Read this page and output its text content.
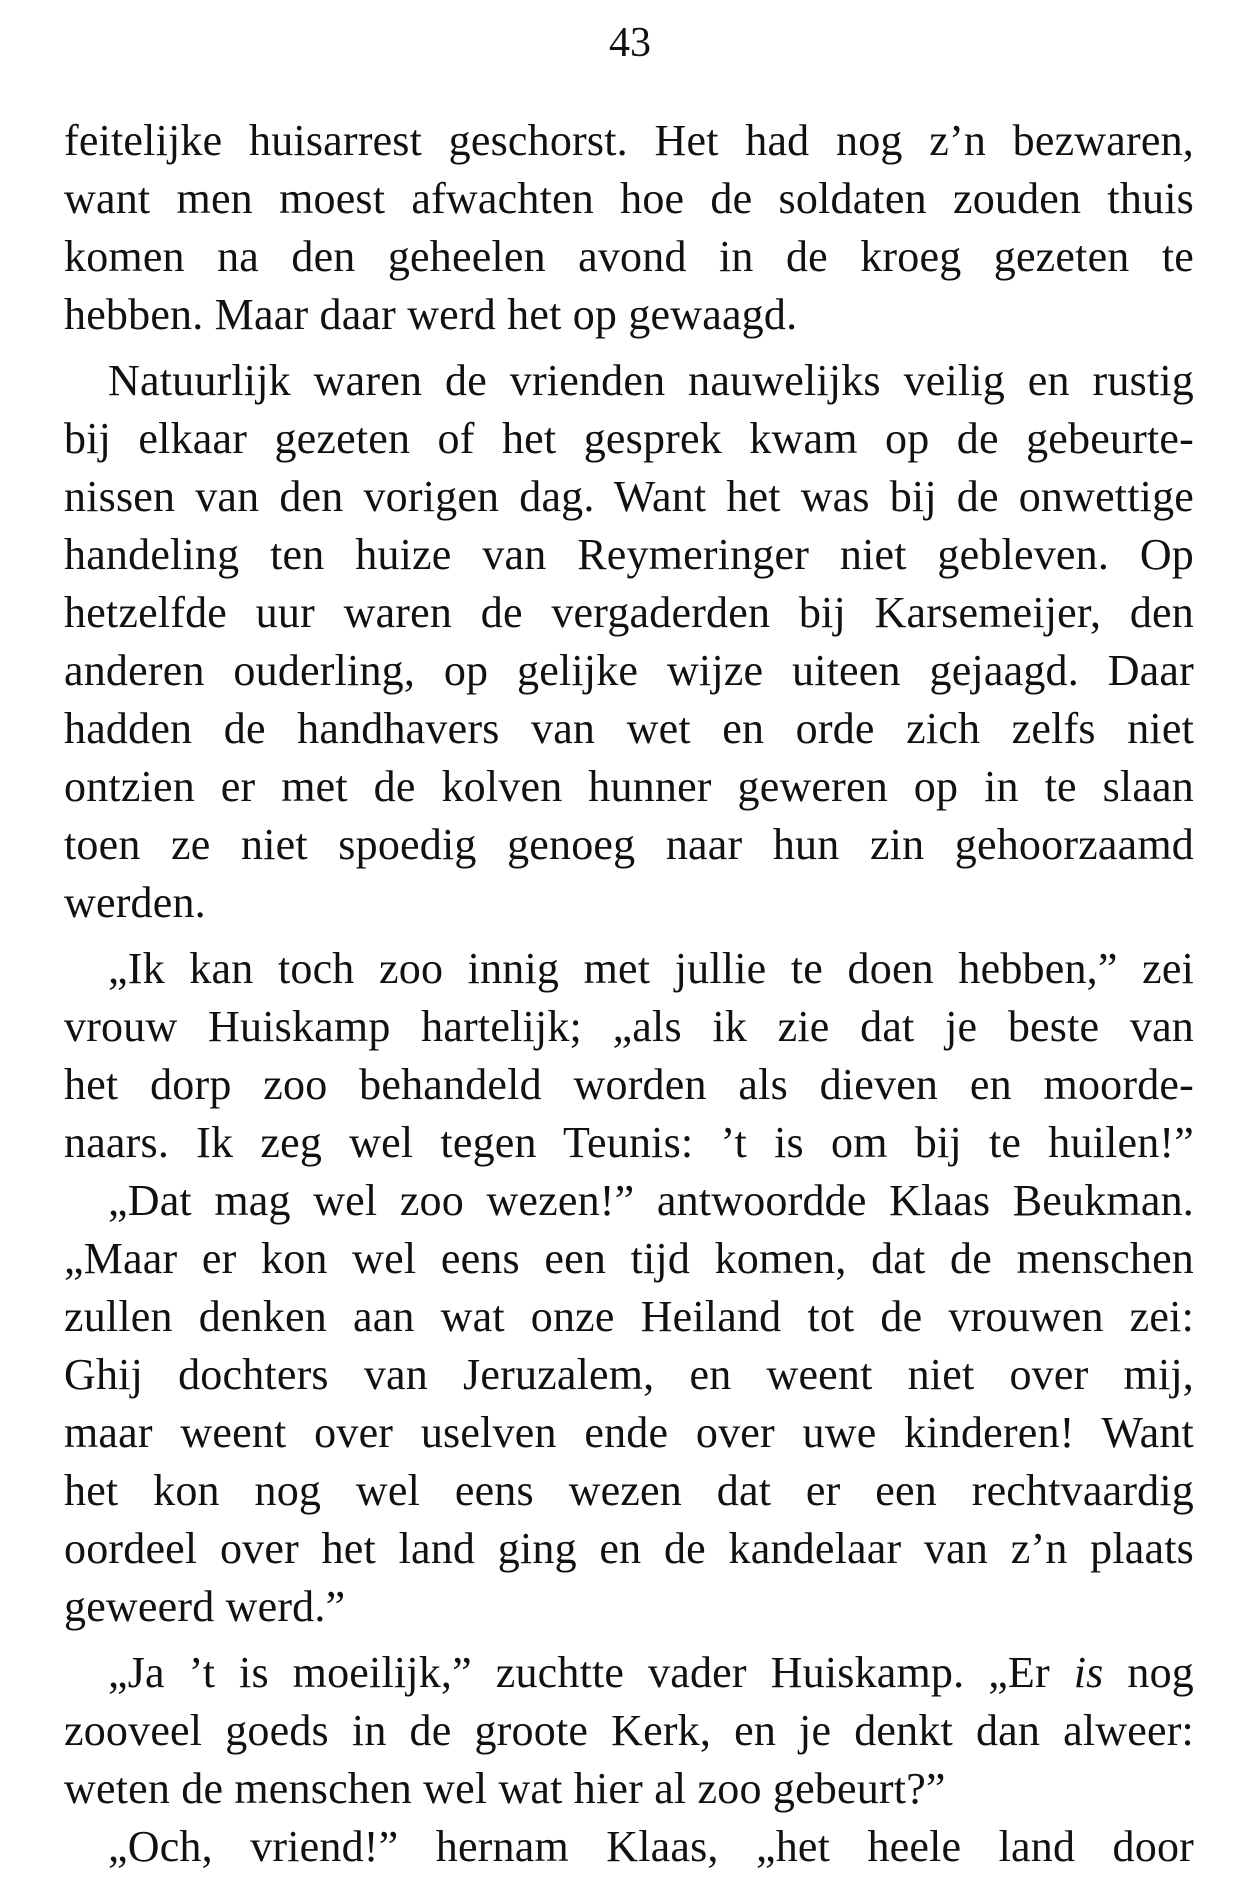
43
feitelijke huisarrest geschorst. Het had nog z’n bezwaren,
want men moest afwachten hoe de soldaten zouden thuis
komen na den geheelen avond in de kroeg gezeten te
hebben. Maar daar werd het op gewaagd.
Natuurlijk waren de vrienden nauwelijks veilig en rustig
bij elkaar gezeten of het gesprek kwam op de gebeurte-
nissen van den vorigen dag. Want het was bij de onwettige
handeling ten huize van Reymeringer niet gebleven. Op
hetzelfde uur waren de vergaderden bij Karsemeijer, den
anderen ouderling, op gelijke wijze uiteen gejaagd. Daar
hadden de handhavers van wet en orde zich zelfs niet
ontzien er met de kolven hunner geweren op in te slaan
toen ze niet spoedig genoeg naar hun zin gehoorzaamd
werden.
„Ik kan toch zoo innig met jullie te doen hebben,” zei
vrouw Huiskamp hartelijk; „als ik zie dat je beste van
het dorp zoo behandeld worden als dieven en moorde-
naars. Ik zeg wel tegen Teunis: ’t is om bij te huilen!”
„Dat mag wel zoo wezen!” antwoordde Klaas Beukman.
„Maar er kon wel eens een tijd komen, dat de menschen
zullen denken aan wat onze Heiland tot de vrouwen zei:
Ghij dochters van Jeruzalem, en weent niet over mij,
maar weent over uselven ende over uwe kinderen! Want
het kon nog wel eens wezen dat er een rechtvaardig
oordeel over het land ging en de kandelaar van z’n plaats
geweerd werd.”
„Ja ’t is moeilijk,” zuchtte vader Huiskamp. „Er is nog
zooveel goeds in de groote Kerk, en je denkt dan alweer:
weten de menschen wel wat hier al zoo gebeurt?”
„Och, vriend!” hernam Klaas, „het heele land door
